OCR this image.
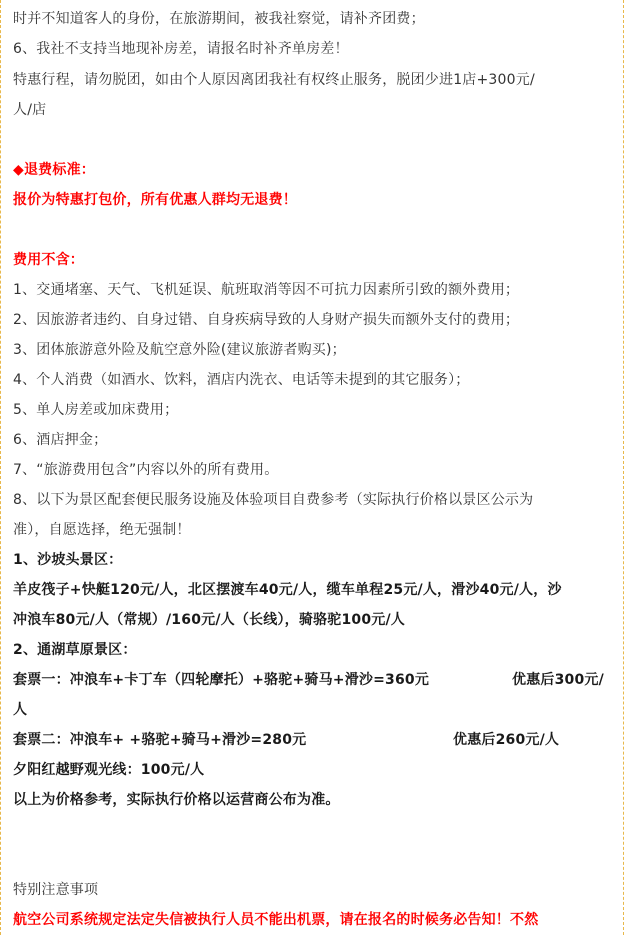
时并不知道客人的身份，在旅游期间，被我社察觉，请补齐团费；
6、我社不支持当地现补房差，请报名时补齐单房差！
特惠行程，请勿脱团，如由个人原因离团我社有权终止服务，脱团少进1店+300元/
人/店
◆退费标准：
报价为特惠打包价，所有优惠人群均无退费！
费用不含：
1、交通堵塞、天气、飞机延误、航班取消等因不可抗力因素所引致的额外费用；
2、因旅游者违约、自身过错、自身疾病导致的人身财产损失而额外支付的费用；
3、团体旅游意外险及航空意外险(建议旅游者购买)；
4、个人消费（如酒水、饮料，酒店内洗衣、电话等未提到的其它服务）；
5、单人房差或加床费用；
6、酒店押金；
7、“旅游费用包含”内容以外的所有费用。
8、以下为景区配套便民服务设施及体验项目自费参考（实际执行价格以景区公示为
准），自愿选择，绝无强制！
1、沙坡头景区：
羊皮筏子+快艇120元/人，北区摆渡车40元/人，缆车单程25元/人，滑沙40元/人，沙
冲浪车80元/人（常规）/160元/人（长线），骑骆驼100元/人
2、通湖草原景区：
套票一：冲浪车+卡丁车（四轮摩托）+骆驼+骑马+滑沙=360元	优惠后300元/
人
套票二：冲浪车+ +骆驼+骑马+滑沙=280元	优惠后260元/人
夕阳红越野观光线：100元/人
以上为价格参考，实际执行价格以运营商公布为准。
特别注意事项
航空公司系统规定法定失信被执行人员不能出机票，请在报名的时候务必告知！不然
